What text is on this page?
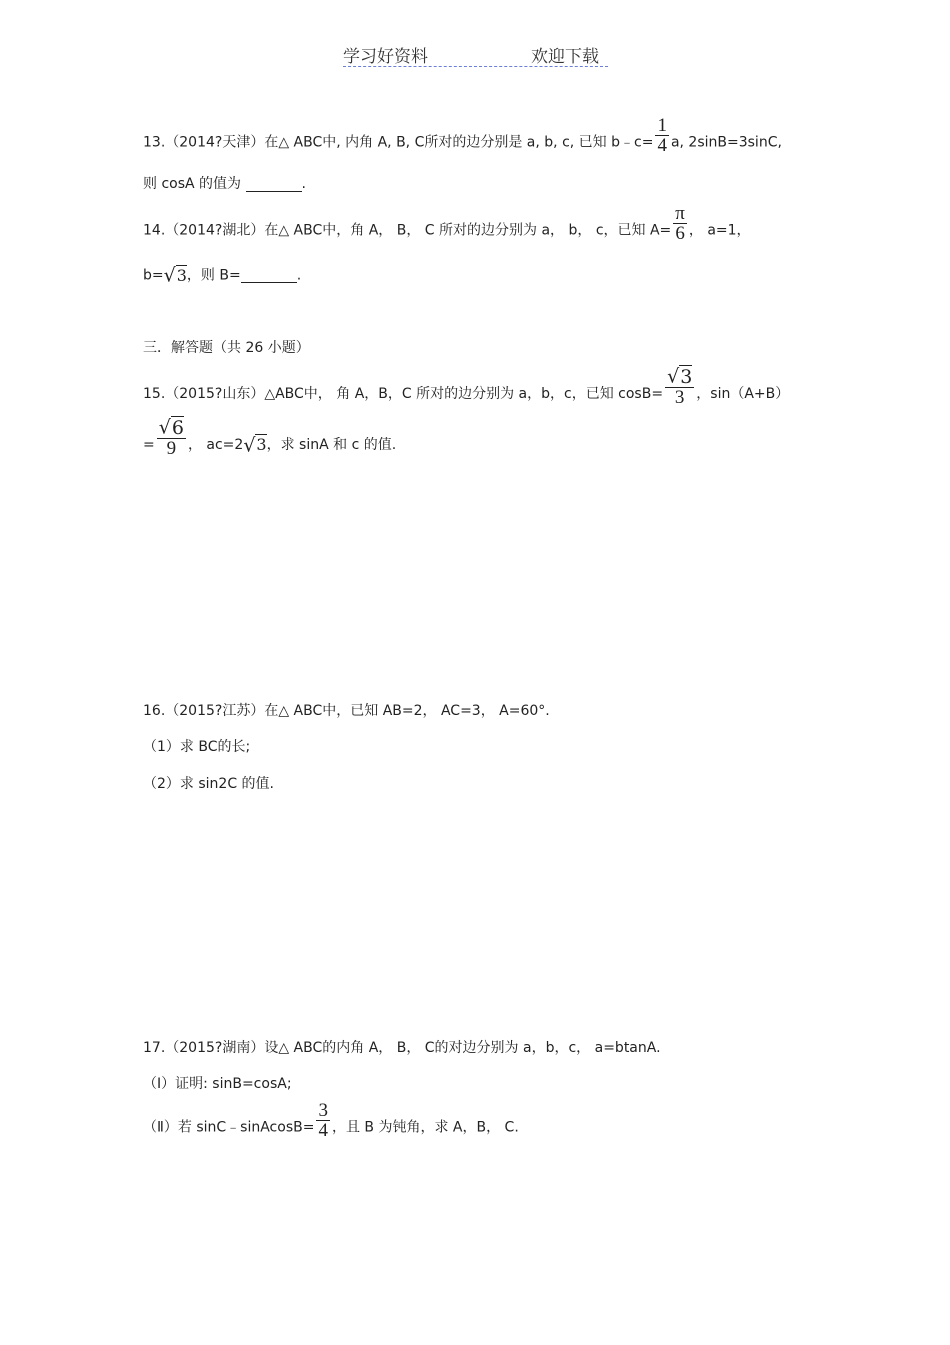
学习好资料	欢迎下载
13.（2014?天津）在△ ABC中, 内角 A, B, C所对的边分别是 a, b, c, 已知 b﹣c= $\frac{1}{4} a$, 2sinB=3sinC,
则 cosA 的值为	.
14.（2014?湖北）在△ ABC中，角 A， B， C 所对的边分别为 a， b， c，已知 $A= \frac{\pi}{6}$ ， a=1，
b=√3，则 B=	.
三．解答题（共 26 小题）
15.（2015?山东）△ABC中， 角 A，B，C 所对的边分别为 a，b，c，已知 $\cos B= \frac{√3}{3}$ ，sin（A+B）
= $\frac{√6}{9}$ ， ac=2√3，求 sinA 和 c 的值.
16.（2015?江苏）在△ ABC中，已知 AB=2， AC=3， A=60°.
（1）求 BC的长;
（2）求 sin2C 的值.
17.（2015?湖南）设△ ABC的内角 A， B， C的对边分别为 a，b，c， a=btanA.
（Ⅰ）证明: sinB=cosA;
（Ⅱ）若 sinC﹣sinAcosB= $\frac{3}{4}$ ，且 B 为钝角，求 A，B， C.
